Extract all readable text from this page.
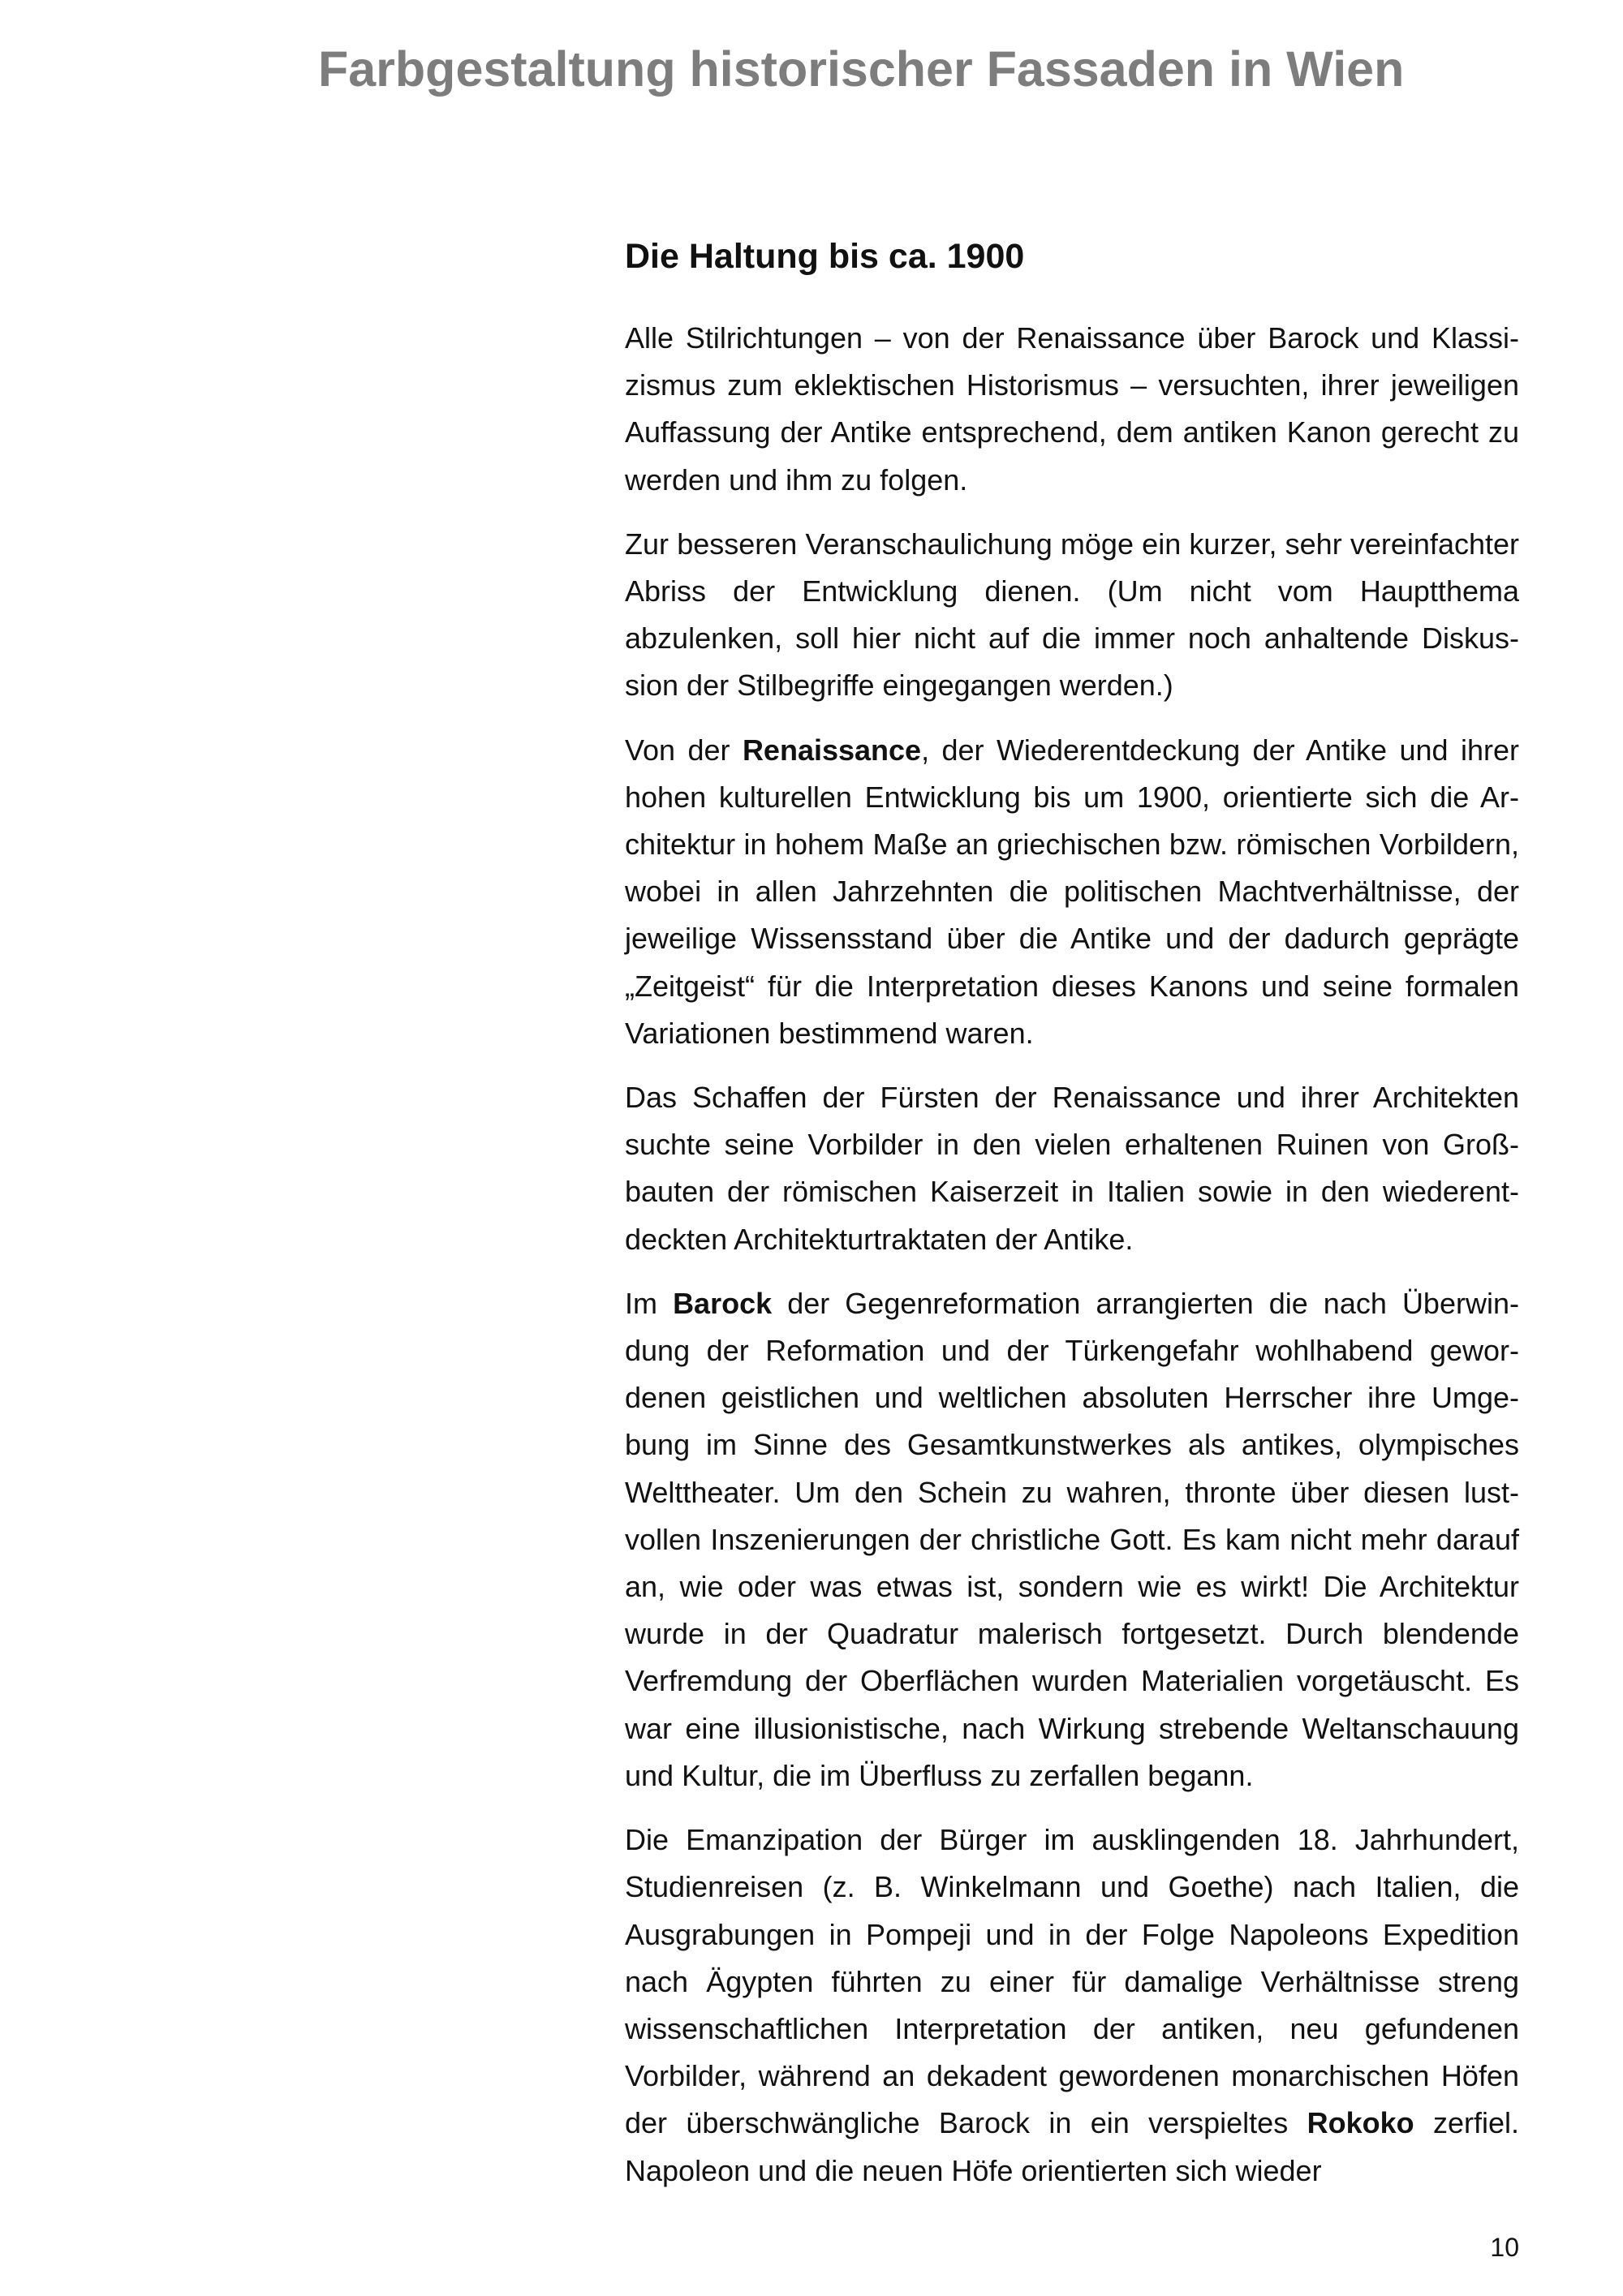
Farbgestaltung historischer Fassaden in Wien
Die Haltung bis ca. 1900

Alle Stilrichtungen – von der Renaissance über Barock und Klassizismus zum eklektischen Historismus – versuchten, ihrer jeweiligen Auffassung der Antike entsprechend, dem antiken Kanon gerecht zu werden und ihm zu folgen.

Zur besseren Veranschaulichung möge ein kurzer, sehr vereinfachter Abriss der Entwicklung dienen. (Um nicht vom Hauptthema abzulenken, soll hier nicht auf die immer noch anhaltende Diskussion der Stilbegriffe eingegangen werden.)

Von der Renaissance, der Wiederentdeckung der Antike und ihrer hohen kulturellen Entwicklung bis um 1900, orientierte sich die Architektur in hohem Maße an griechischen bzw. römischen Vorbildern, wobei in allen Jahrzehnten die politischen Machtverhältnisse, der jeweilige Wissensstand über die Antike und der dadurch geprägte „Zeitgeist“ für die Interpretation dieses Kanons und seine formalen Variationen bestimmend waren.

Das Schaffen der Fürsten der Renaissance und ihrer Architekten suchte seine Vorbilder in den vielen erhaltenen Ruinen von Großbauten der römischen Kaiserzeit in Italien sowie in den wiederentdeckten Architekturtraktaten der Antike.

Im Barock der Gegenreformation arrangierten die nach Überwindung der Reformation und der Türkengefahr wohlhabend gewordenen geistlichen und weltlichen absoluten Herrscher ihre Umgebung im Sinne des Gesamtkunstwerkes als antikes, olympisches Welttheater. Um den Schein zu wahren, thronte über diesen lustvollen Inszenierungen der christliche Gott. Es kam nicht mehr darauf an, wie oder was etwas ist, sondern wie es wirkt! Die Architektur wurde in der Quadratur malerisch fortgesetzt. Durch blendende Verfremdung der Oberflächen wurden Materialien vorgetäuscht. Es war eine illusionistische, nach Wirkung strebende Weltanschauung und Kultur, die im Überfluss zu zerfallen begann.

Die Emanzipation der Bürger im ausklingenden 18. Jahrhundert, Studienreisen (z. B. Winkelmann und Goethe) nach Italien, die Ausgrabungen in Pompeji und in der Folge Napoleons Expedition nach Ägypten führten zu einer für damalige Verhältnisse streng wissenschaftlichen Interpretation der antiken, neu gefundenen Vorbilder, während an dekadent gewordenen monarchischen Höfen der überschwängliche Barock in ein verspieltes Rokoko zerfiel. Napoleon und die neuen Höfe orientierten sich wieder

10
